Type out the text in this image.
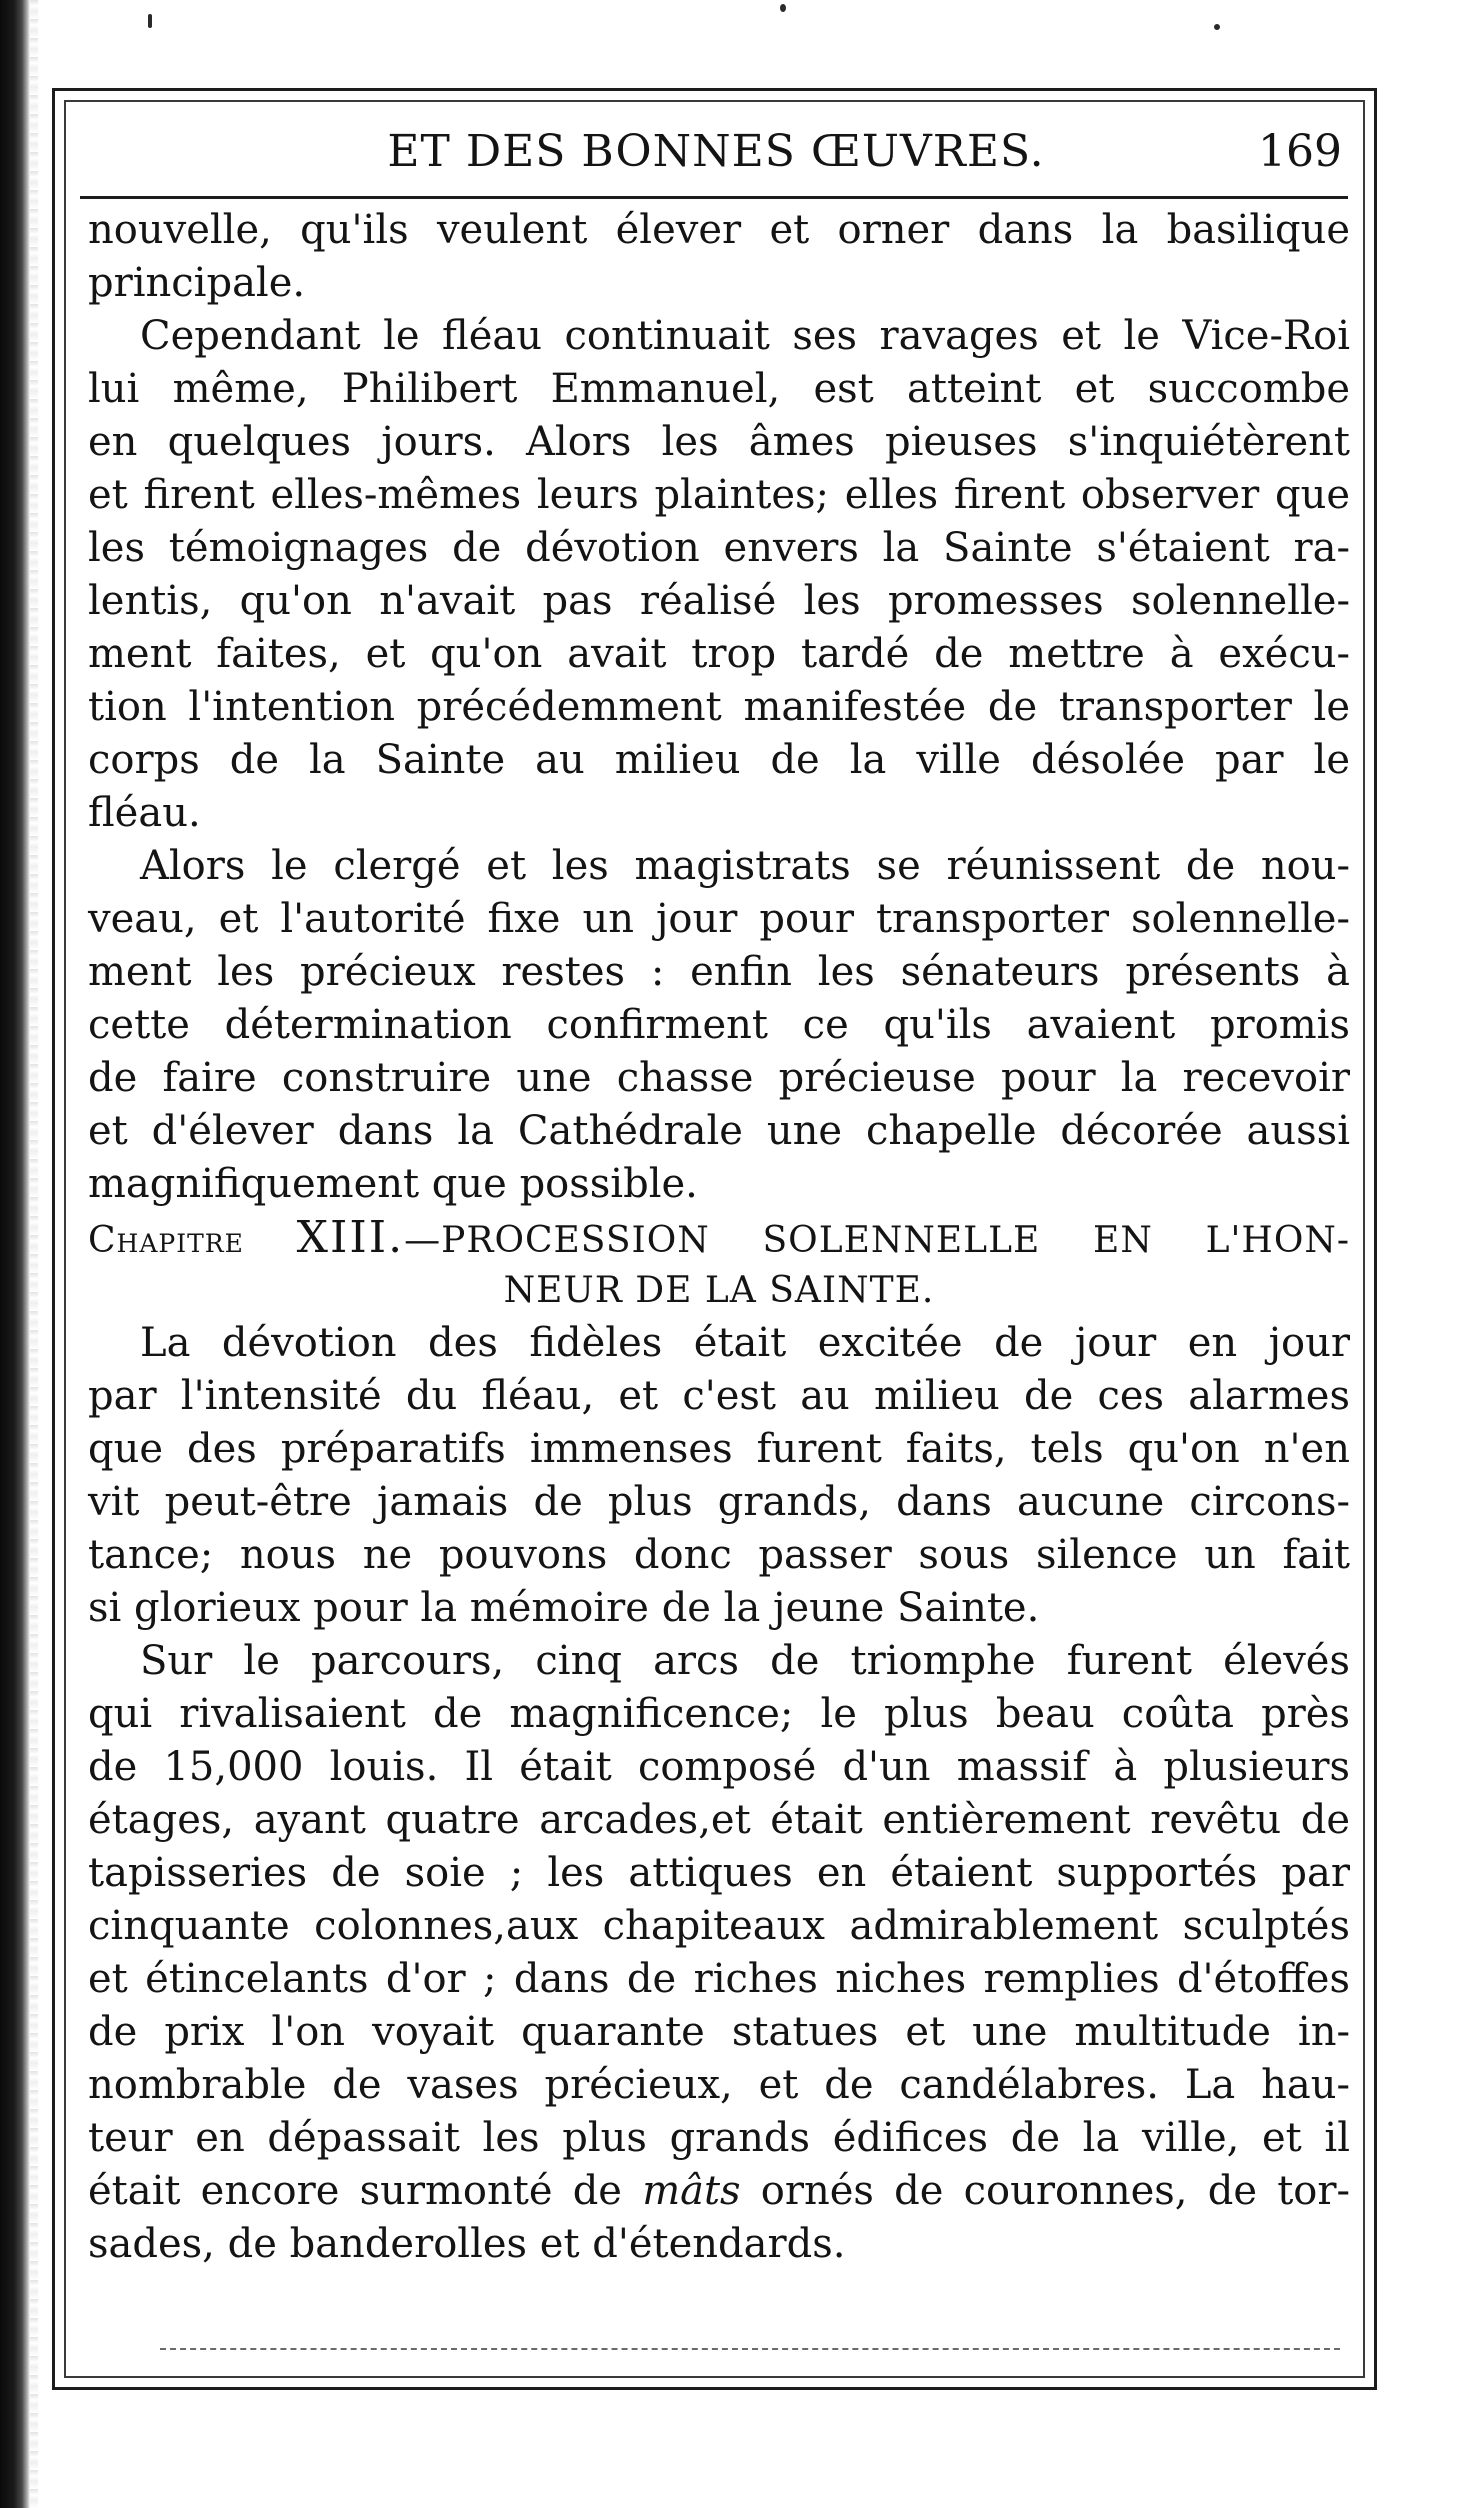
ET DES BONNES ŒUVRES.	169
nouvelle, qu'ils veulent élever et orner dans la basilique
principale.
Cependant le fléau continuait ses ravages et le Vice-Roi
lui même, Philibert Emmanuel, est atteint et succombe
en quelques jours. Alors les âmes pieuses s'inquiétèrent
et firent elles-mêmes leurs plaintes; elles firent observer que
les témoignages de dévotion envers la Sainte s'étaient ra-
lentis, qu'on n'avait pas réalisé les promesses solennelle-
ment faites, et qu'on avait trop tardé de mettre à exécu-
tion l'intention précédemment manifestée de transporter le
corps de la Sainte au milieu de la ville désolée par le
fléau.
Alors le clergé et les magistrats se réunissent de nou-
veau, et l'autorité fixe un jour pour transporter solennelle-
ment les précieux restes : enfin les sénateurs présents à
cette détermination confirment ce qu'ils avaient promis
de faire construire une chasse précieuse pour la recevoir
et d'élever dans la Cathédrale une chapelle décorée aussi
magnifiquement que possible.
Chapitre XIII.—PROCESSION SOLENNELLE EN L'HON-
NEUR DE LA SAINTE.
La dévotion des fidèles était excitée de jour en jour
par l'intensité du fléau, et c'est au milieu de ces alarmes
que des préparatifs immenses furent faits, tels qu'on n'en
vit peut-être jamais de plus grands, dans aucune circons-
tance; nous ne pouvons donc passer sous silence un fait
si glorieux pour la mémoire de la jeune Sainte.
Sur le parcours, cinq arcs de triomphe furent élevés
qui rivalisaient de magnificence; le plus beau coûta près
de 15,000 louis. Il était composé d'un massif à plusieurs
étages, ayant quatre arcades,et était entièrement revêtu de
tapisseries de soie ; les attiques en étaient supportés par
cinquante colonnes,aux chapiteaux admirablement sculptés
et étincelants d'or ; dans de riches niches remplies d'étoffes
de prix l'on voyait quarante statues et une multitude in-
nombrable de vases précieux, et de candélabres. La hau-
teur en dépassait les plus grands édifices de la ville, et il
était encore surmonté de mâts ornés de couronnes, de tor-
sades, de banderolles et d'étendards.
